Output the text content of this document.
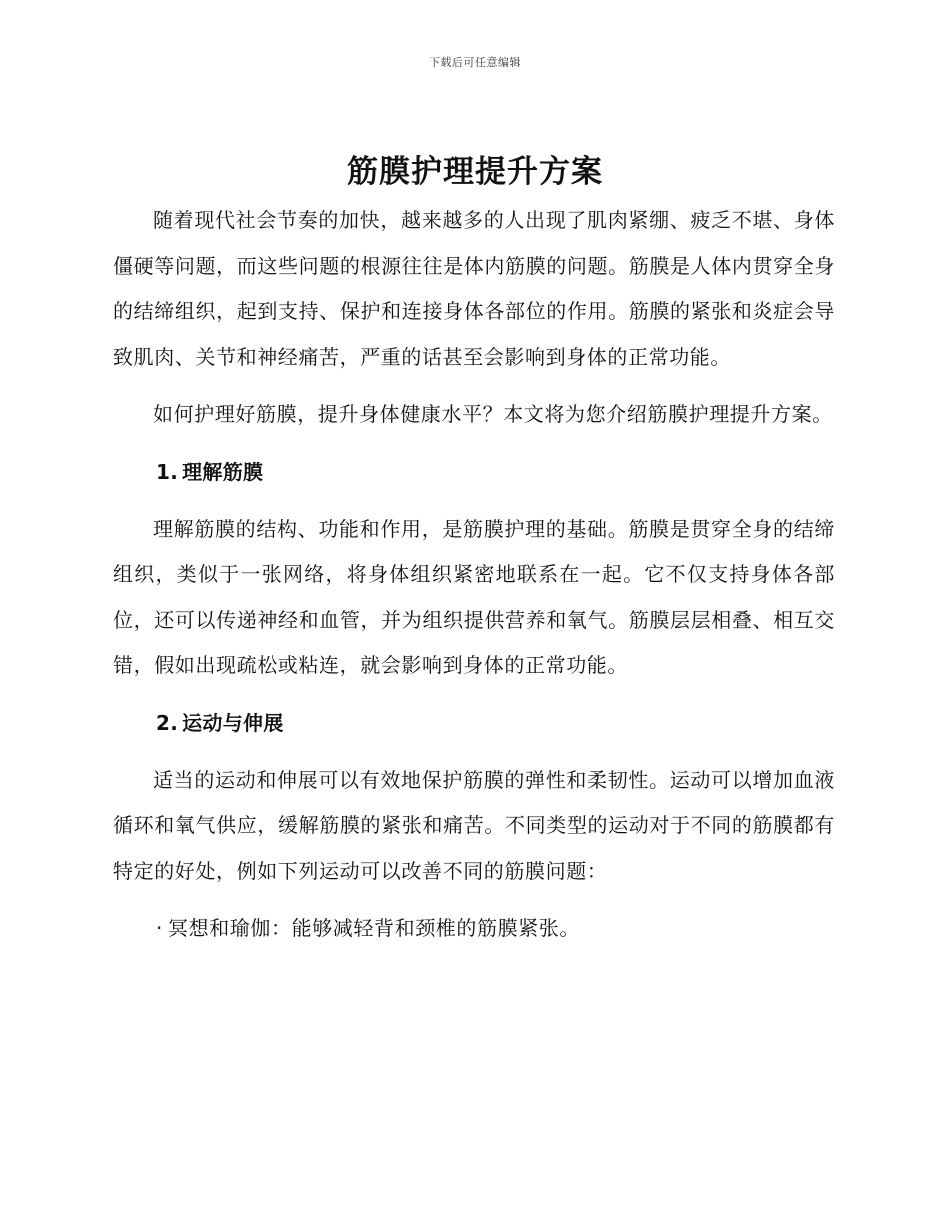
下载后可任意编辑
筋膜护理提升方案

随着现代社会节奏的加快，越来越多的人出现了肌肉紧绷、疲乏不堪、身体僵硬等问题，而这些问题的根源往往是体内筋膜的问题。筋膜是人体内贯穿全身的结缔组织，起到支持、保护和连接身体各部位的作用。筋膜的紧张和炎症会导致肌肉、关节和神经痛苦，严重的话甚至会影响到身体的正常功能。

如何护理好筋膜，提升身体健康水平？本文将为您介绍筋膜护理提升方案。

1. 理解筋膜

理解筋膜的结构、功能和作用，是筋膜护理的基础。筋膜是贯穿全身的结缔组织，类似于一张网络，将身体组织紧密地联系在一起。它不仅支持身体各部位，还可以传递神经和血管，并为组织提供营养和氧气。筋膜层层相叠、相互交错，假如出现疏松或粘连，就会影响到身体的正常功能。

2. 运动与伸展

适当的运动和伸展可以有效地保护筋膜的弹性和柔韧性。运动可以增加血液循环和氧气供应，缓解筋膜的紧张和痛苦。不同类型的运动对于不同的筋膜都有特定的好处，例如下列运动可以改善不同的筋膜问题：

· 冥想和瑜伽：能够减轻背和颈椎的筋膜紧张。
